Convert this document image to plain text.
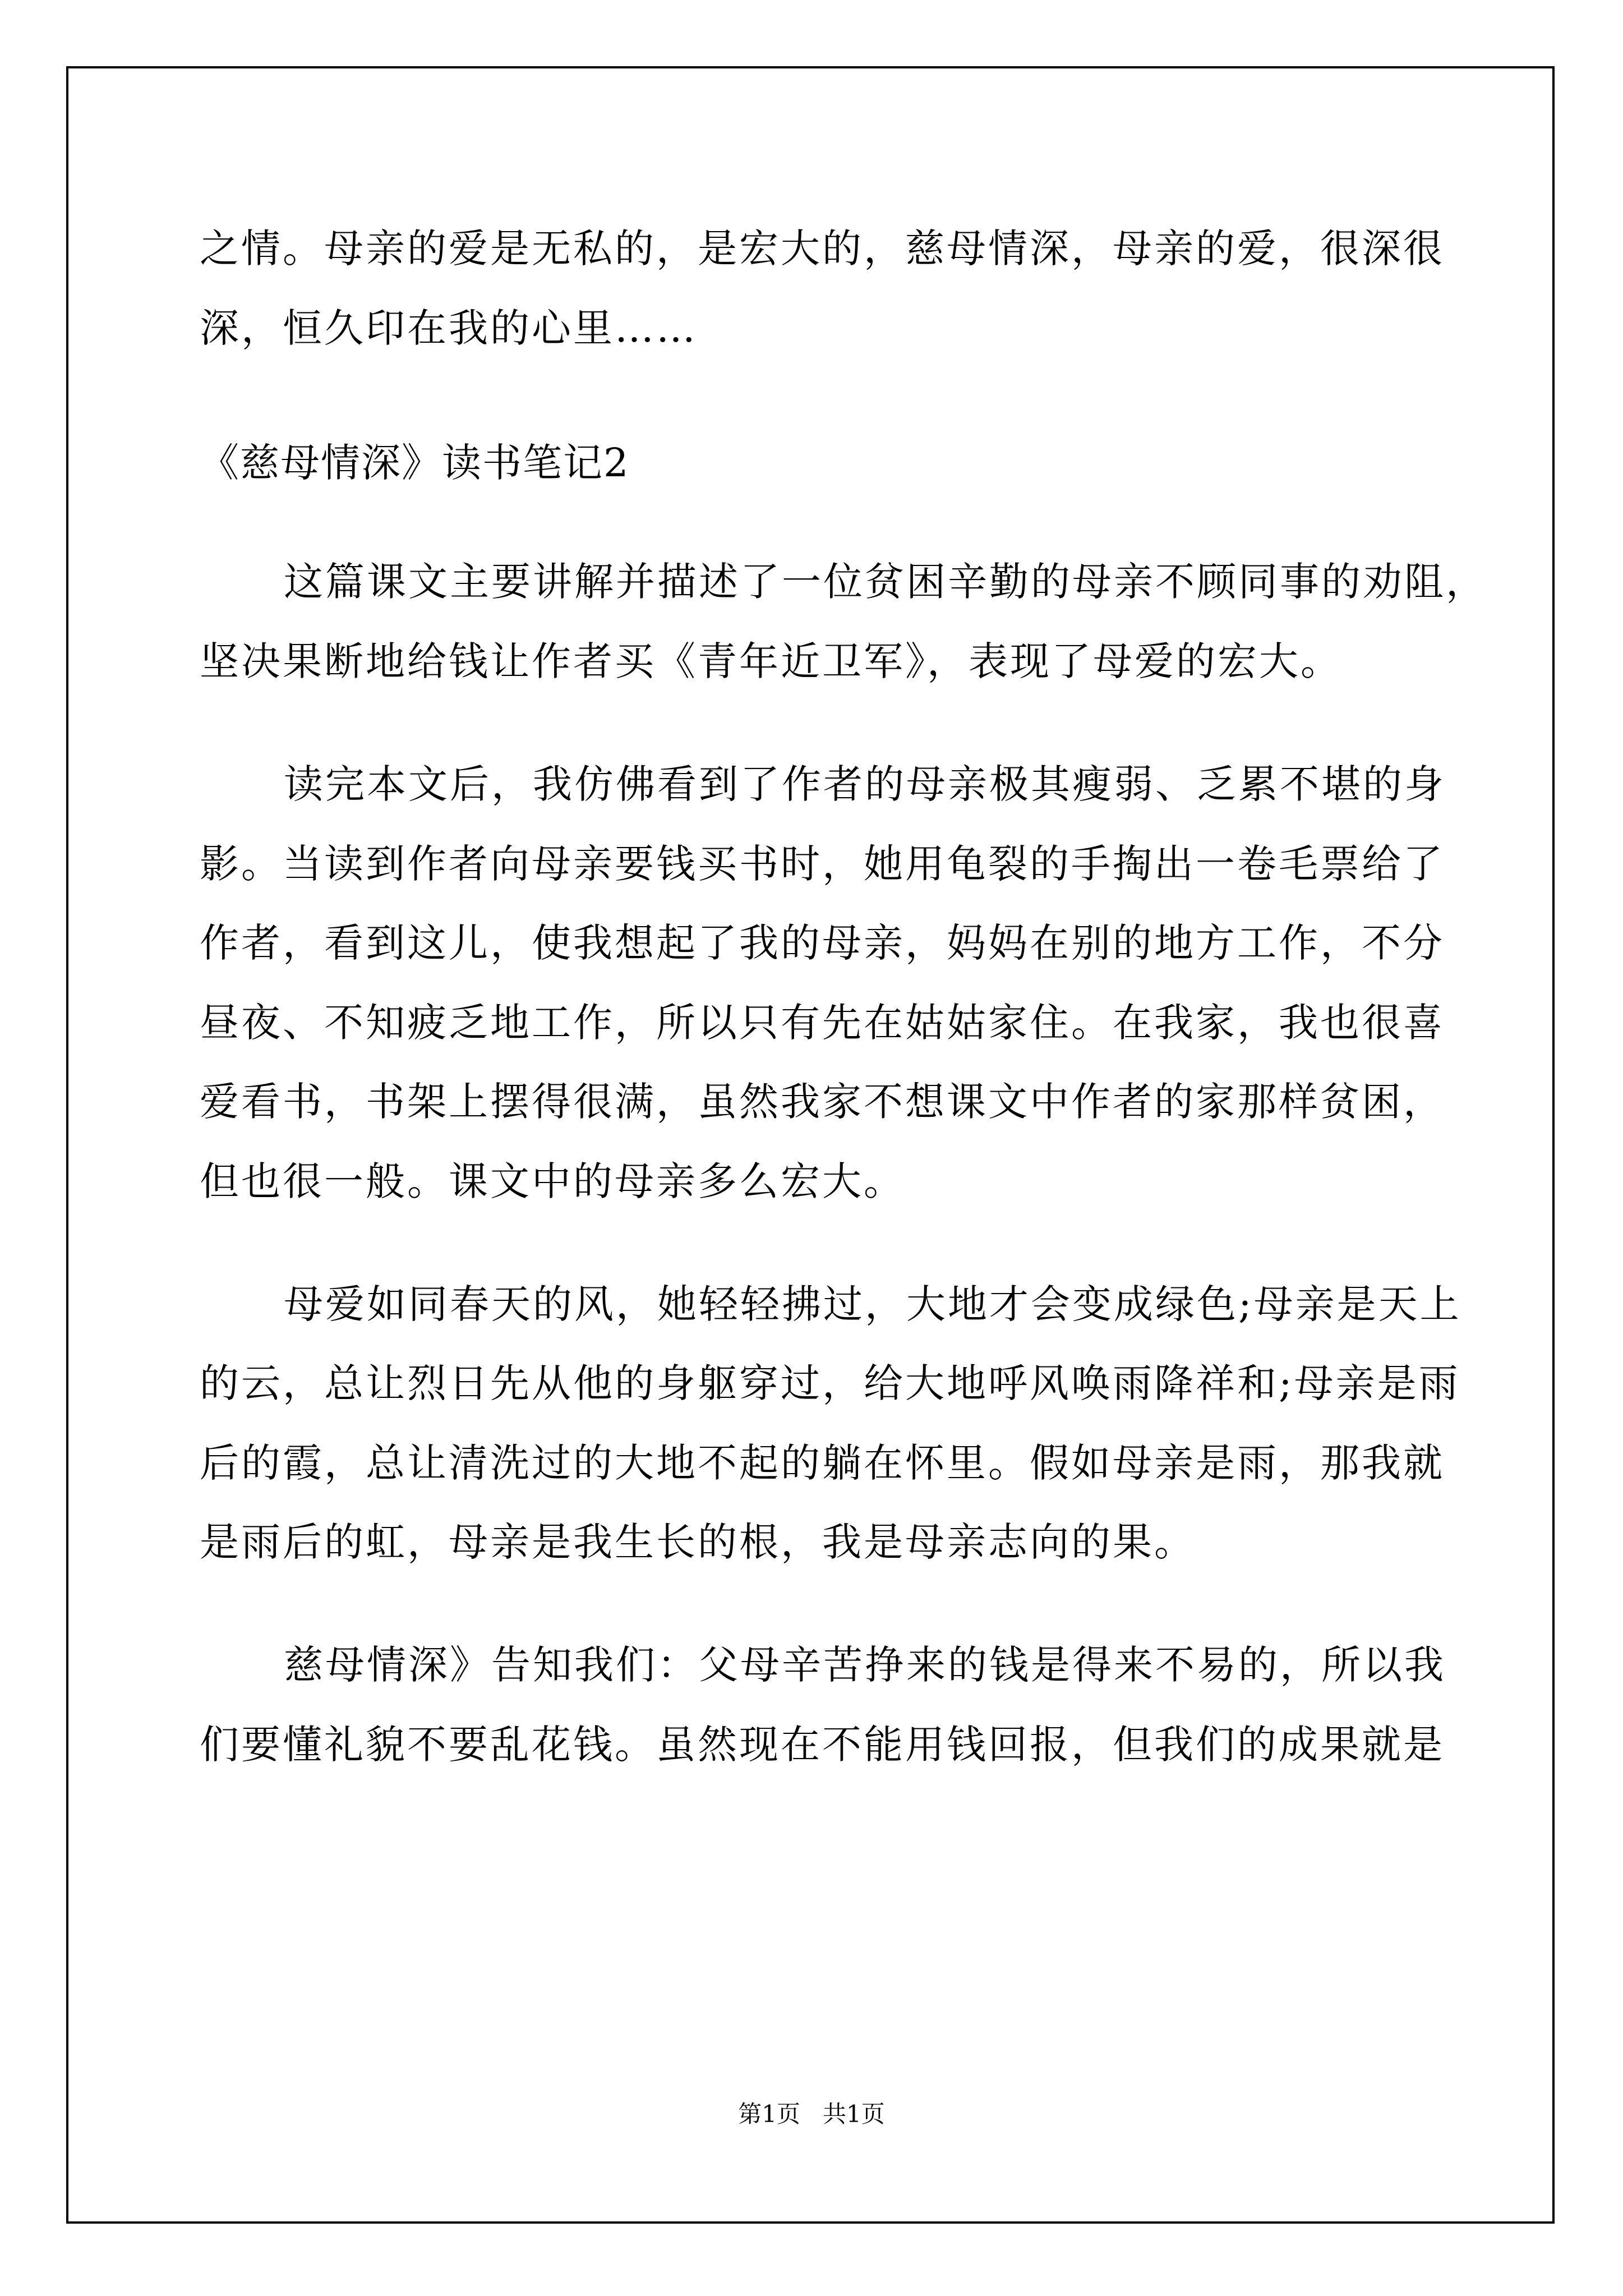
之情。母亲的爱是无私的，是宏大的，慈母情深，母亲的爱，很深很
深，恒久印在我的心里……
《慈母情深》读书笔记2
这篇课文主要讲解并描述了一位贫困辛勤的母亲不顾同事的劝阻，
坚决果断地给钱让作者买《青年近卫军》，表现了母爱的宏大。
读完本文后，我仿佛看到了作者的母亲极其瘦弱、乏累不堪的身
影。当读到作者向母亲要钱买书时，她用龟裂的手掏出一卷毛票给了
作者，看到这儿，使我想起了我的母亲，妈妈在别的地方工作，不分
昼夜、不知疲乏地工作，所以只有先在姑姑家住。在我家，我也很喜
爱看书，书架上摆得很满，虽然我家不想课文中作者的家那样贫困，
但也很一般。课文中的母亲多么宏大。
母爱如同春天的风，她轻轻拂过，大地才会变成绿色;母亲是天上
的云，总让烈日先从他的身躯穿过，给大地呼风唤雨降祥和;母亲是雨
后的霞，总让清洗过的大地不起的躺在怀里。假如母亲是雨，那我就
是雨后的虹，母亲是我生长的根，我是母亲志向的果。
慈母情深》告知我们：父母辛苦挣来的钱是得来不易的，所以我
们要懂礼貌不要乱花钱。虽然现在不能用钱回报，但我们的成果就是
第1页   共1页
